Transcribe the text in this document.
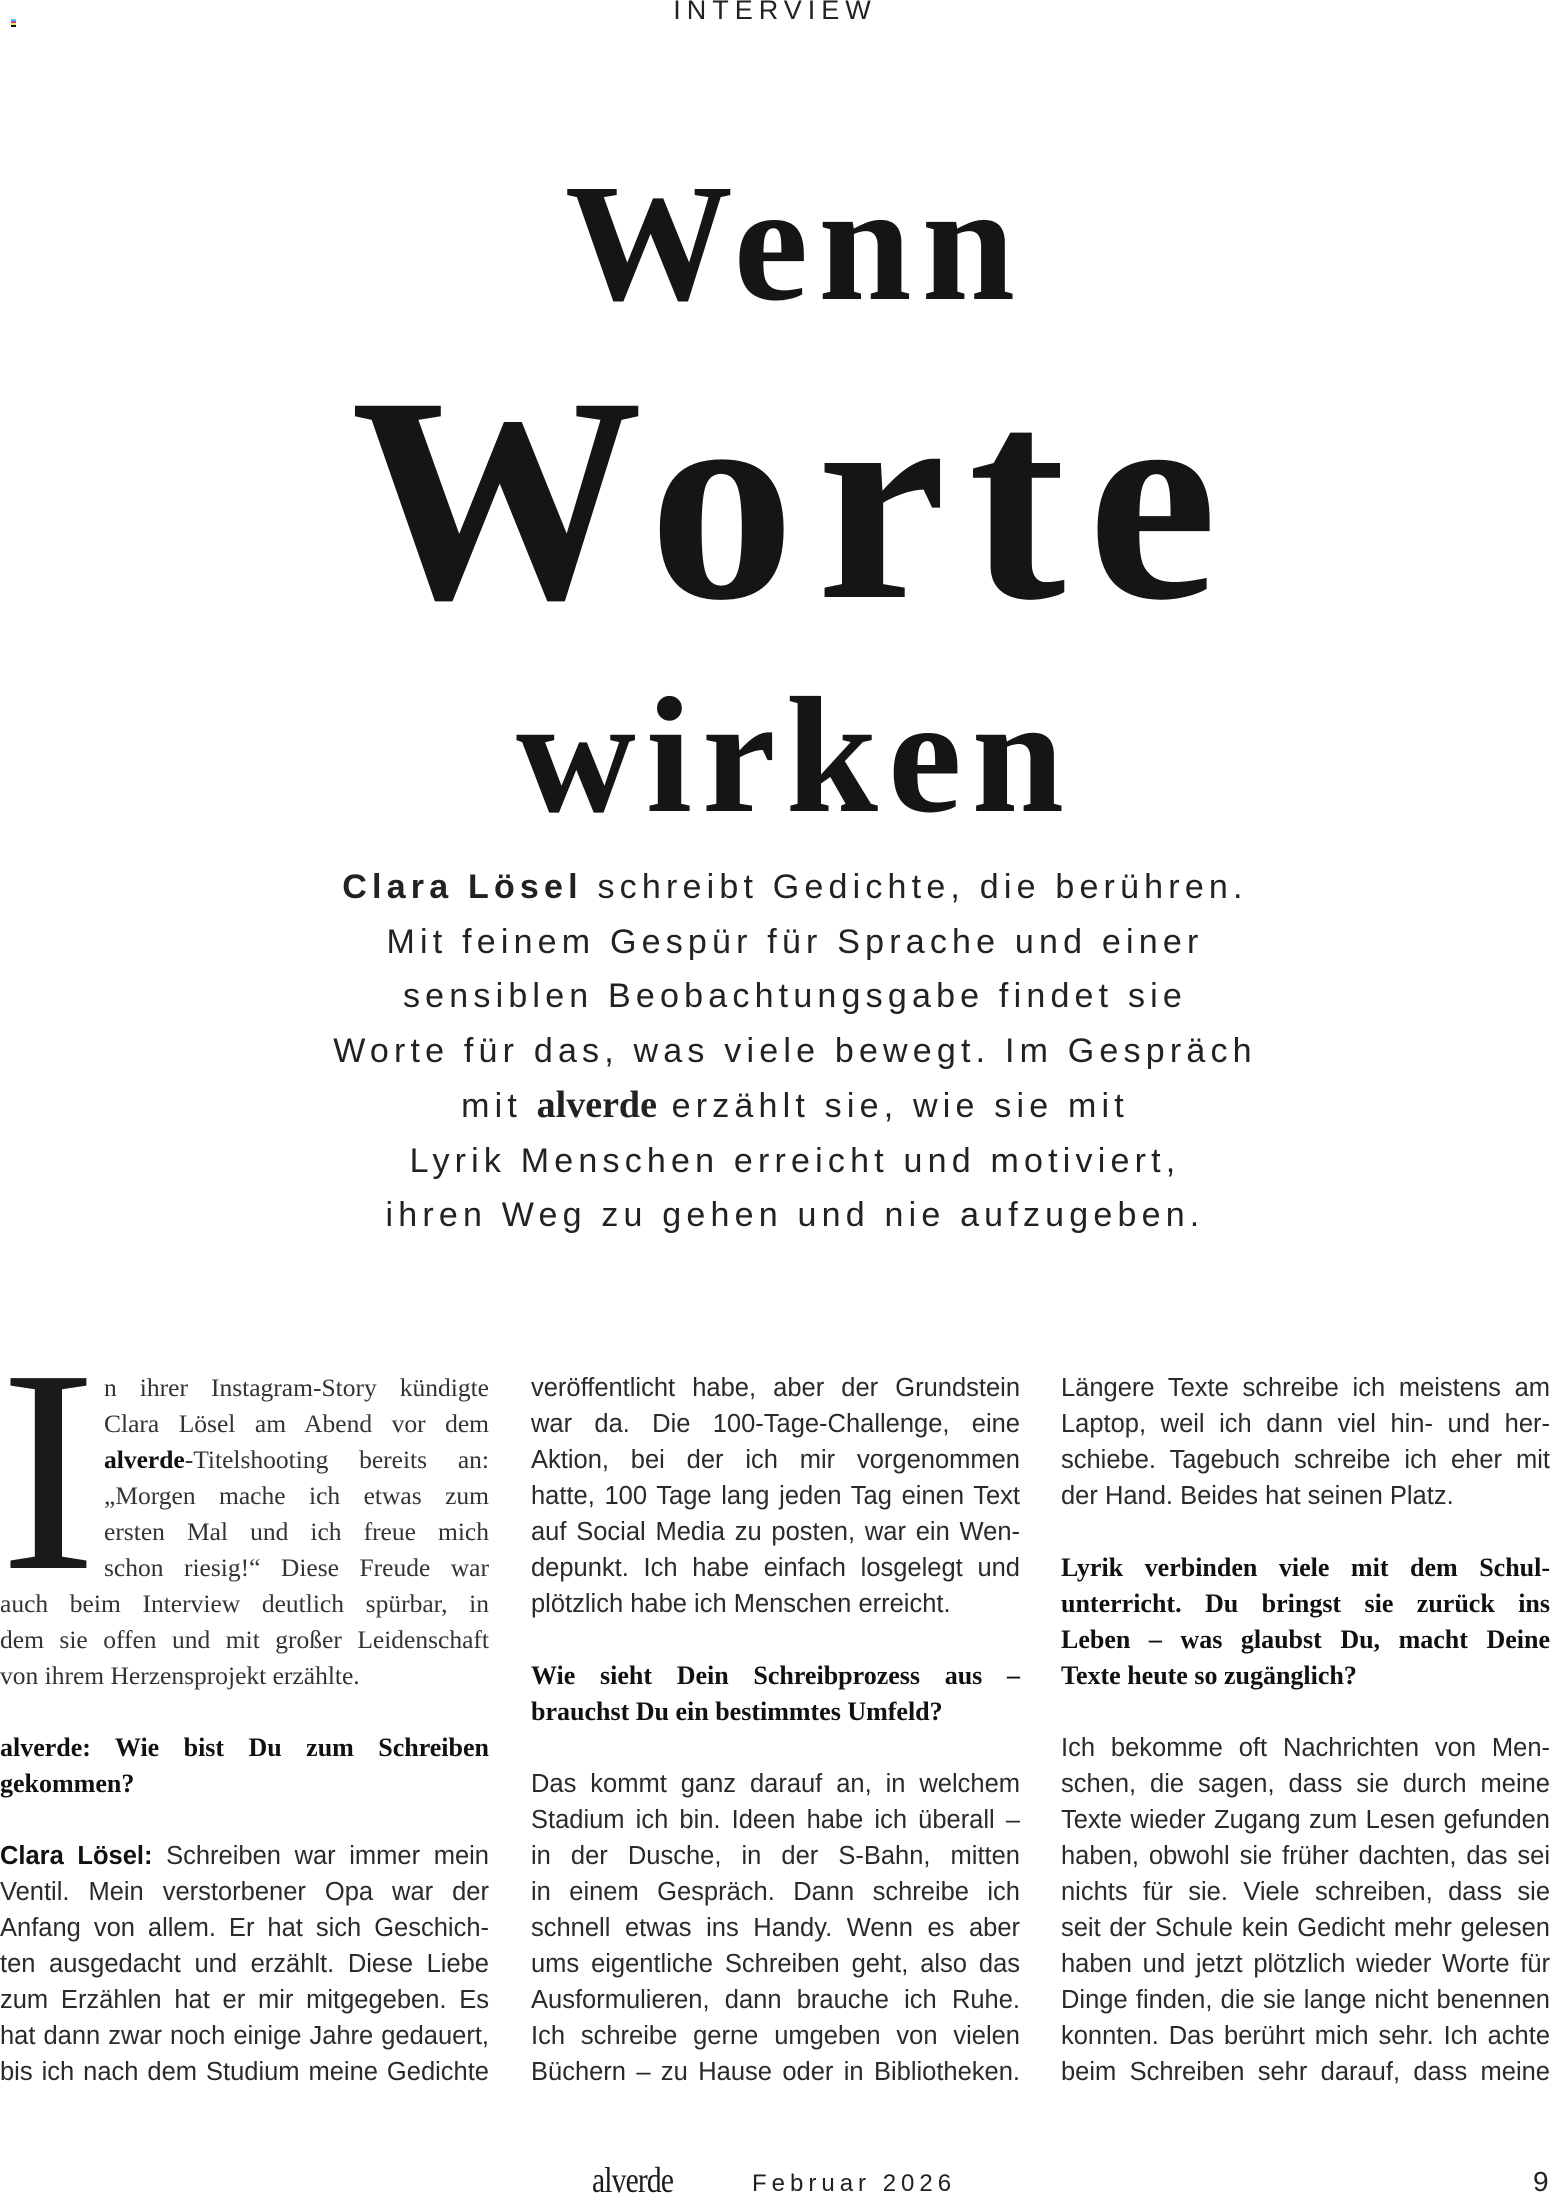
INTERVIEW
Wenn
Worte
wirken
Clara Lösel schreibt Gedichte, die berühren.
Mit feinem Gespür für Sprache und einer
sensiblen Beobachtungsgabe findet sie
Worte für das, was viele bewegt. Im Gespräch
mit alverde erzählt sie, wie sie mit
Lyrik Menschen erreicht und motiviert,
ihren Weg zu gehen und nie aufzugeben.
I n ihrer Instagram-Story kündigte
Clara Lösel am Abend vor dem
alverde-Titelshooting bereits an:
„Morgen mache ich etwas zum
ersten Mal und ich freue mich
schon riesig!“ Diese Freude war
auch beim Interview deutlich spürbar, in
dem sie offen und mit großer Leidenschaft
von ihrem Herzensprojekt erzählte.
alverde: Wie bist Du zum Schreiben
gekommen?
Clara Lösel: Schreiben war immer mein
Ventil. Mein verstorbener Opa war der
Anfang von allem. Er hat sich Geschich-
ten ausgedacht und erzählt. Diese Liebe
zum Erzählen hat er mir mitgegeben. Es
hat dann zwar noch einige Jahre gedauert,
bis ich nach dem Studium meine Gedichte
veröffentlicht habe, aber der Grundstein
war da. Die 100-Tage-Challenge, eine
Aktion, bei der ich mir vorgenommen
hatte, 100 Tage lang jeden Tag einen Text
auf Social Media zu posten, war ein Wen-
depunkt. Ich habe einfach losgelegt und
plötzlich habe ich Menschen erreicht.
Wie sieht Dein Schreibprozess aus –
brauchst Du ein bestimmtes Umfeld?
Das kommt ganz darauf an, in welchem
Stadium ich bin. Ideen habe ich überall –
in der Dusche, in der S-Bahn, mitten
in einem Gespräch. Dann schreibe ich
schnell etwas ins Handy. Wenn es aber
ums eigentliche Schreiben geht, also das
Ausformulieren, dann brauche ich Ruhe.
Ich schreibe gerne umgeben von vielen
Büchern – zu Hause oder in Bibliotheken.
Längere Texte schreibe ich meistens am
Laptop, weil ich dann viel hin- und her-
schiebe. Tagebuch schreibe ich eher mit
der Hand. Beides hat seinen Platz.
Lyrik verbinden viele mit dem Schul-
unterricht. Du bringst sie zurück ins
Leben – was glaubst Du, macht Deine
Texte heute so zugänglich?
Ich bekomme oft Nachrichten von Men-
schen, die sagen, dass sie durch meine
Texte wieder Zugang zum Lesen gefunden
haben, obwohl sie früher dachten, das sei
nichts für sie. Viele schreiben, dass sie
seit der Schule kein Gedicht mehr gelesen
haben und jetzt plötzlich wieder Worte für
Dinge finden, die sie lange nicht benennen
konnten. Das berührt mich sehr. Ich achte
beim Schreiben sehr darauf, dass meine
alverde	Februar 2026	9
